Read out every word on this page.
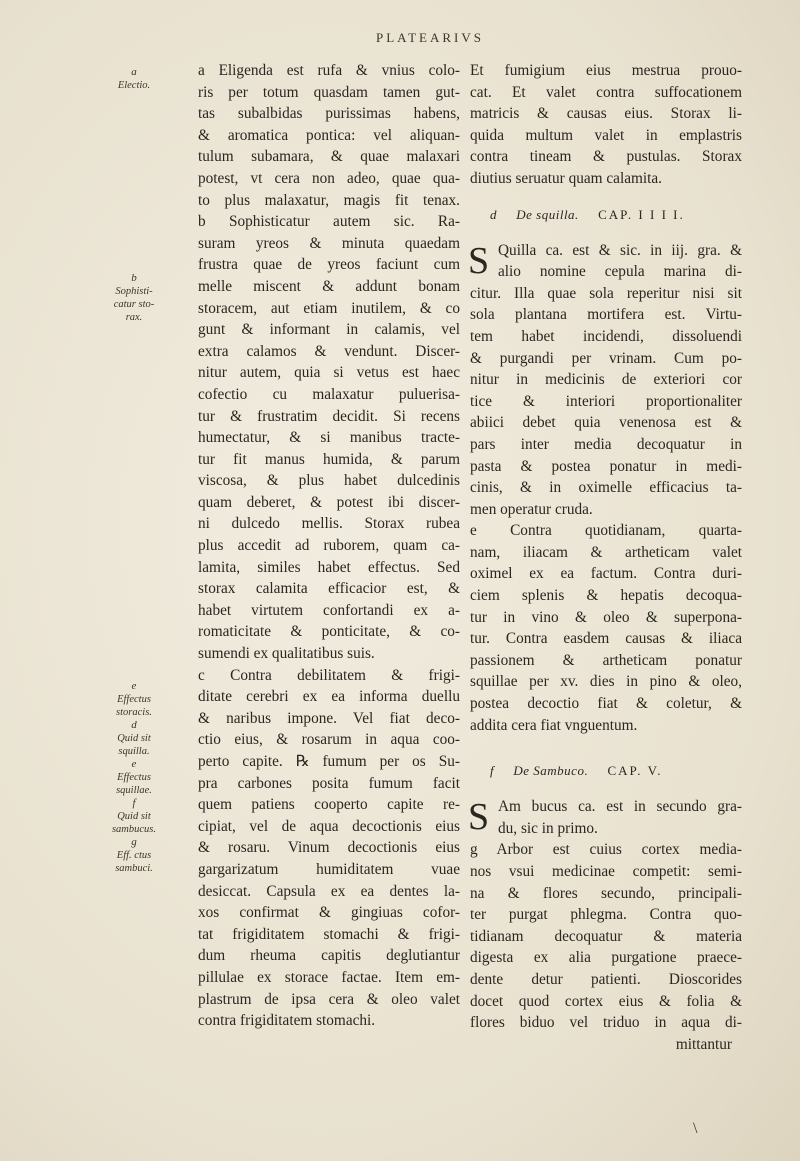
PLATEARIVS
a
Electio.
b
Sophisti-
catur sto-
rax.
e
Effectus
storacis.
d
Quid sit
squilla.
e
Effectus
squillae.
f
Quid sit
sambucus.
g
Eff. ctus
sambuci.
a Eligenda est rufa & vnius colo-
ris per totum quasdam tamen gut-
tas subalbidas purissimas habens,
& aromatica pontica: vel aliquan-
tulum subamara, & quae malaxari
potest, vt cera non adeo, quae qua-
to plus malaxatur, magis fit tenax.
b Sophisticatur autem sic. Ra-
suram yreos & minuta quaedam
frustra quae de yreos faciunt cum
melle miscent & addunt bonam
storacem, aut etiam inutilem, & co
gunt & informant in calamis, vel
extra calamos & vendunt. Discer-
nitur autem, quia si vetus est haec
cofectio cu malaxatur puluerisa-
tur & frustratim decidit. Si recens
humectatur, & si manibus tracte-
tur fit manus humida, & parum
viscosa, & plus habet dulcedinis
quam deberet, & potest ibi discer-
ni dulcedo mellis. Storax rubea
plus accedit ad ruborem, quam ca-
lamita, similes habet effectus. Sed
storax calamita efficacior est, &
habet virtutem confortandi ex a-
romaticitate & ponticitate, & co-
sumendi ex qualitatibus suis.
c Contra debilitatem & frigi-
ditate cerebri ex ea informa duellu
& naribus impone. Vel fiat deco-
ctio eius, & rosarum in aqua coo-
perto capite. ℞ fumum per os Su-
pra carbones posita fumum facit
quem patiens cooperto capite re-
cipiat, vel de aqua decoctionis eius
& rosaru. Vinum decoctionis eius
gargarizatum humiditatem vuae
desiccat. Capsula ex ea dentes la-
xos confirmat & gingiuas cofor-
tat frigiditatem stomachi & frigi-
dum rheuma capitis deglutiantur
pillulae ex storace factae. Item em-
plastrum de ipsa cera & oleo valet
contra frigiditatem stomachi.
Et fumigium eius mestrua prouo-
cat. Et valet contra suffocationem
matricis & causas eius. Storax li-
quida multum valet in emplastris
contra tineam & pustulas. Storax
diutius seruatur quam calamita.
d De squilla. CAP. I I I I.
S Quilla ca. est & sic. in iij. gra. &
alio nomine cepula marina di-
citur. Illa quae sola reperitur nisi sit
sola plantana mortifera est. Virtu-
tem habet incidendi, dissoluendi
& purgandi per vrinam. Cum po-
nitur in medicinis de exteriori cor
tice & interiori proportionaliter
abiici debet quia venenosa est &
pars inter media decoquatur in
pasta & postea ponatur in medi-
cinis, & in oximelle efficacius ta-
men operatur cruda.
e Contra quotidianam, quarta-
nam, iliacam & artheticam valet
oximel ex ea factum. Contra duri-
ciem splenis & hepatis decoqua-
tur in vino & oleo & superpona-
tur. Contra easdem causas & iliaca
passionem & artheticam ponatur
squillae per xv. dies in pino & oleo,
postea decoctio fiat & coletur, &
addita cera fiat vnguentum.
f De Sambuco. CAP. V.
S Am bucus ca. est in secundo gra-
du, sic in primo.
g Arbor est cuius cortex media-
nos vsui medicinae competit: semi-
na & flores secundo, principali-
ter purgat phlegma. Contra quo-
tidianam decoquatur & materia
digesta ex alia purgatione praece-
dente detur patienti. Dioscorides
docet quod cortex eius & folia &
flores biduo vel triduo in aqua di-
mittantur
\
